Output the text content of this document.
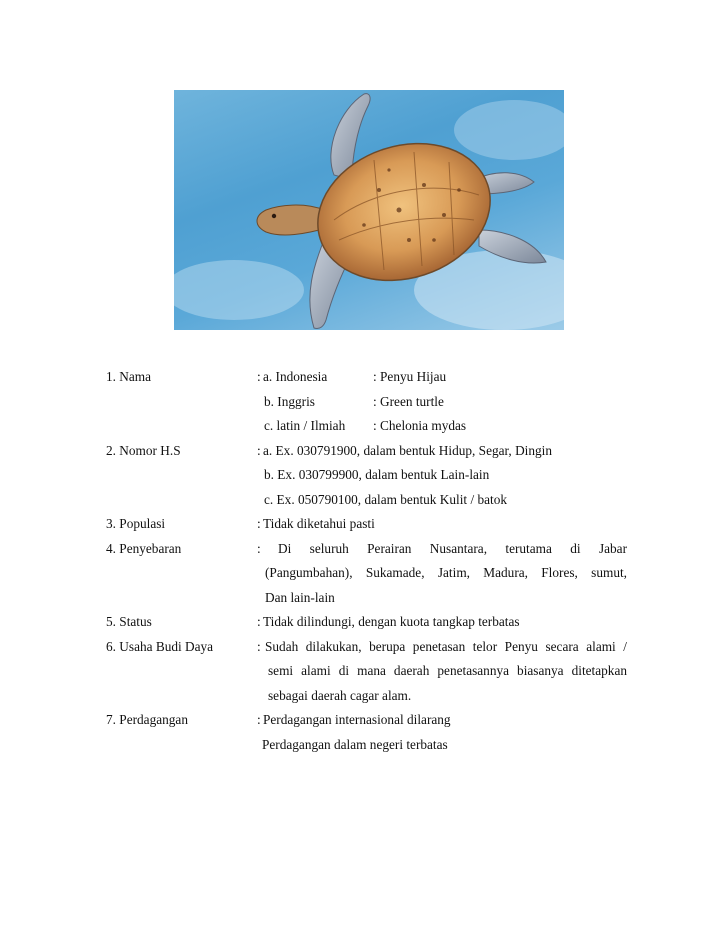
1. Nama	: a. Indonesia	: Penyu Hijau
b. Inggris	: Green turtle
c. latin / Ilmiah : Chelonia mydas
2. Nomor H.S	: a. Ex. 030791900, dalam bentuk Hidup, Segar, Dingin
b. Ex. 030799900, dalam bentuk Lain-lain
c. Ex. 050790100, dalam bentuk Kulit / batok
3. Populasi	: Tidak diketahui pasti
4. Penyebaran	: Di seluruh Perairan Nusantara, terutama di Jabar
(Pangumbahan), Sukamade, Jatim, Madura, Flores, sumut,
Dan lain-lain
5. Status	: Tidak dilindungi, dengan kuota tangkap terbatas
6. Usaha Budi Daya	: Sudah dilakukan, berupa penetasan telor Penyu secara alami /
semi alami di mana daerah penetasannya biasanya ditetapkan
sebagai daerah cagar alam.
7. Perdagangan	: Perdagangan internasional dilarang
Perdagangan dalam negeri terbatas
